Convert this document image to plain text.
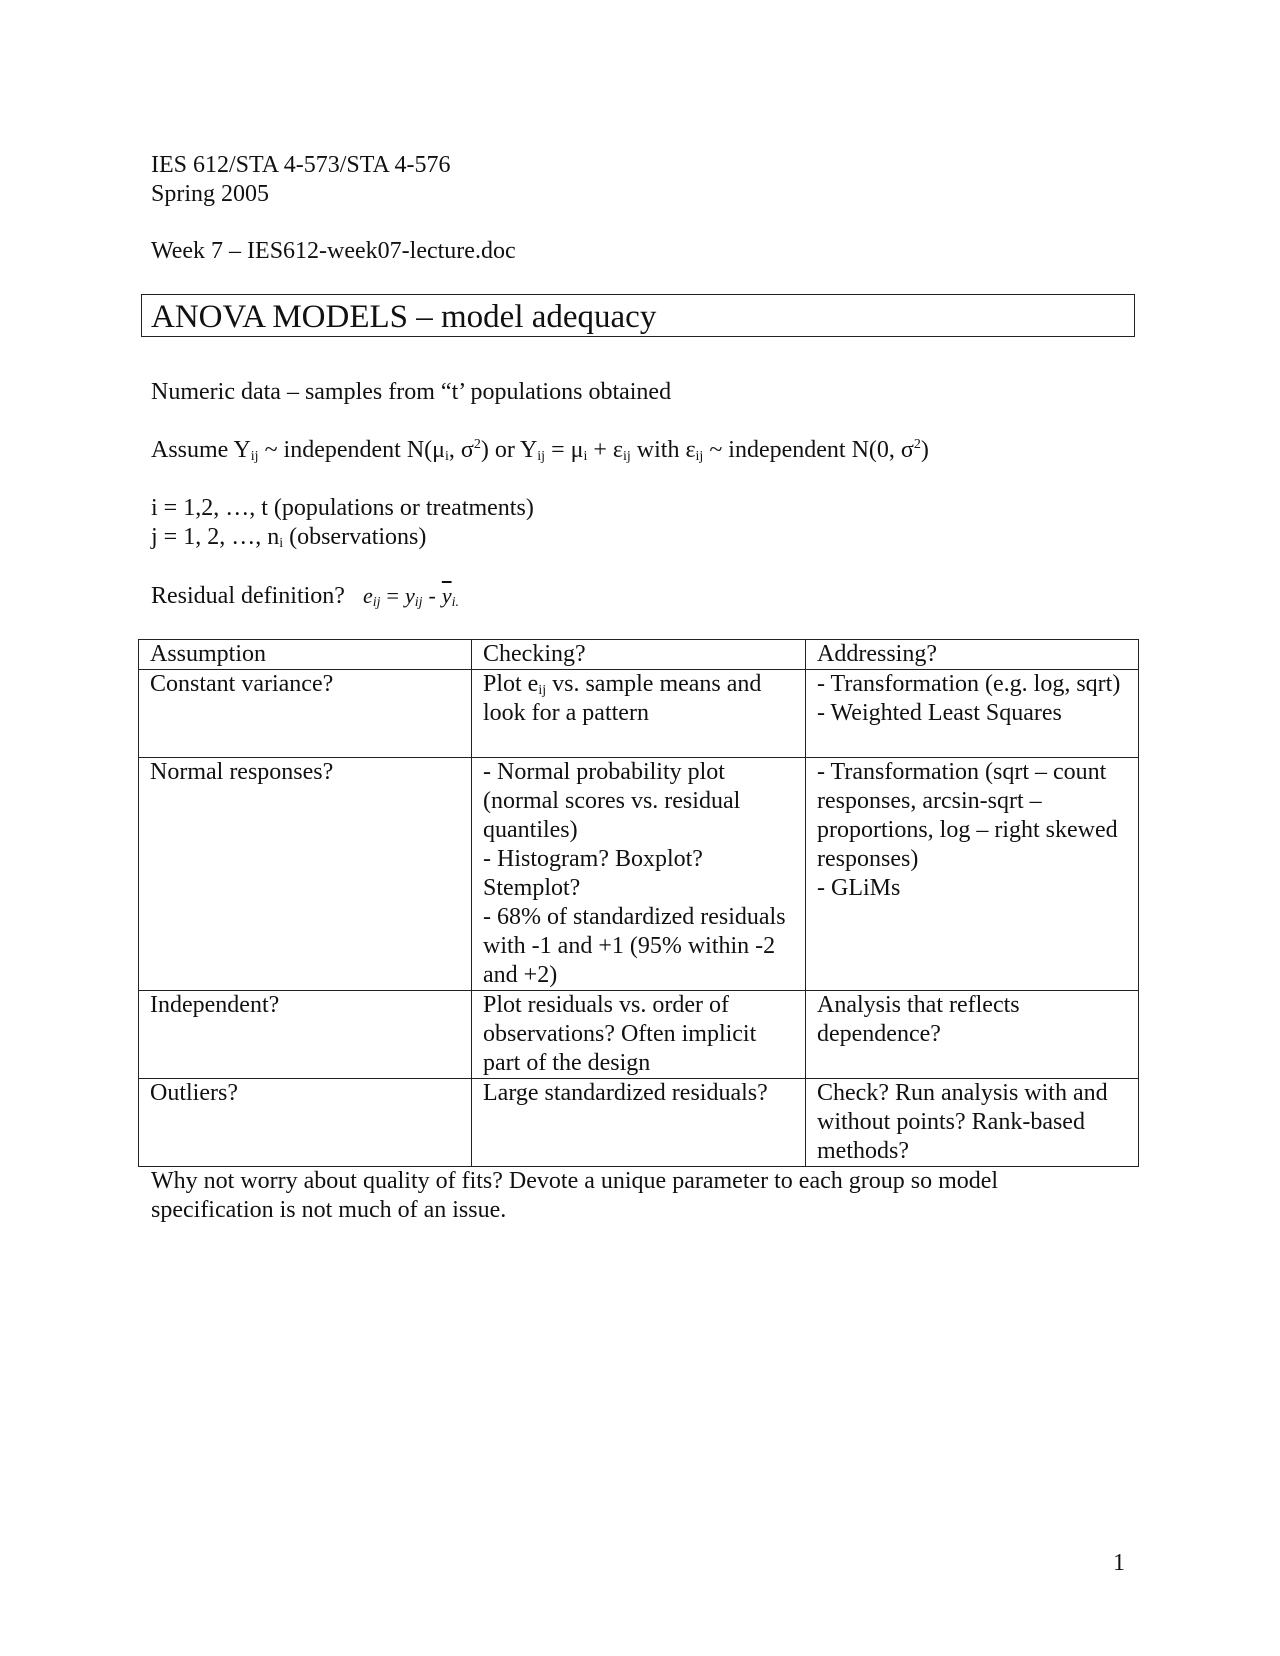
IES 612/STA 4-573/STA 4-576
Spring 2005
Week 7 – IES612-week07-lecture.doc
ANOVA MODELS – model adequacy
Numeric data – samples from “t’ populations obtained
Assume $Y_{ij}$ ~ independent $N(\mu_i$, $\sigma^2$) or $Y_{ij} = \mu_i + \varepsilon_{ij}$ with $\varepsilon_{ij}$ ~ independent N(0, $\sigma^2$)
i = 1,2, …, t (populations or treatments)
j = 1, 2, …, $n_i$ (observations)
Residual definition? $e_{ij} = y_{ij} - \overline{y}_{i.}$
Assumption	Checking?	Addressing?
Constant variance?	Plot $e_{ij}$ vs. sample means and look for a pattern	- Transformation (e.g. log, sqrt)
- Weighted Least Squares
Normal responses?	- Normal probability plot (normal scores vs. residual quantiles)
- Histogram? Boxplot? Stemplot?
- 68% of standardized residuals with -1 and +1 (95% within -2 and +2)	- Transformation (sqrt – count responses, arcsin-sqrt – proportions, log – right skewed responses)
- GLiMs
Independent?	Plot residuals vs. order of observations? Often implicit part of the design	Analysis that reflects dependence?
Outliers?	Large standardized residuals?	Check? Run analysis with and without points? Rank-based methods?
Why not worry about quality of fits? Devote a unique parameter to each group so model
specification is not much of an issue.
1
